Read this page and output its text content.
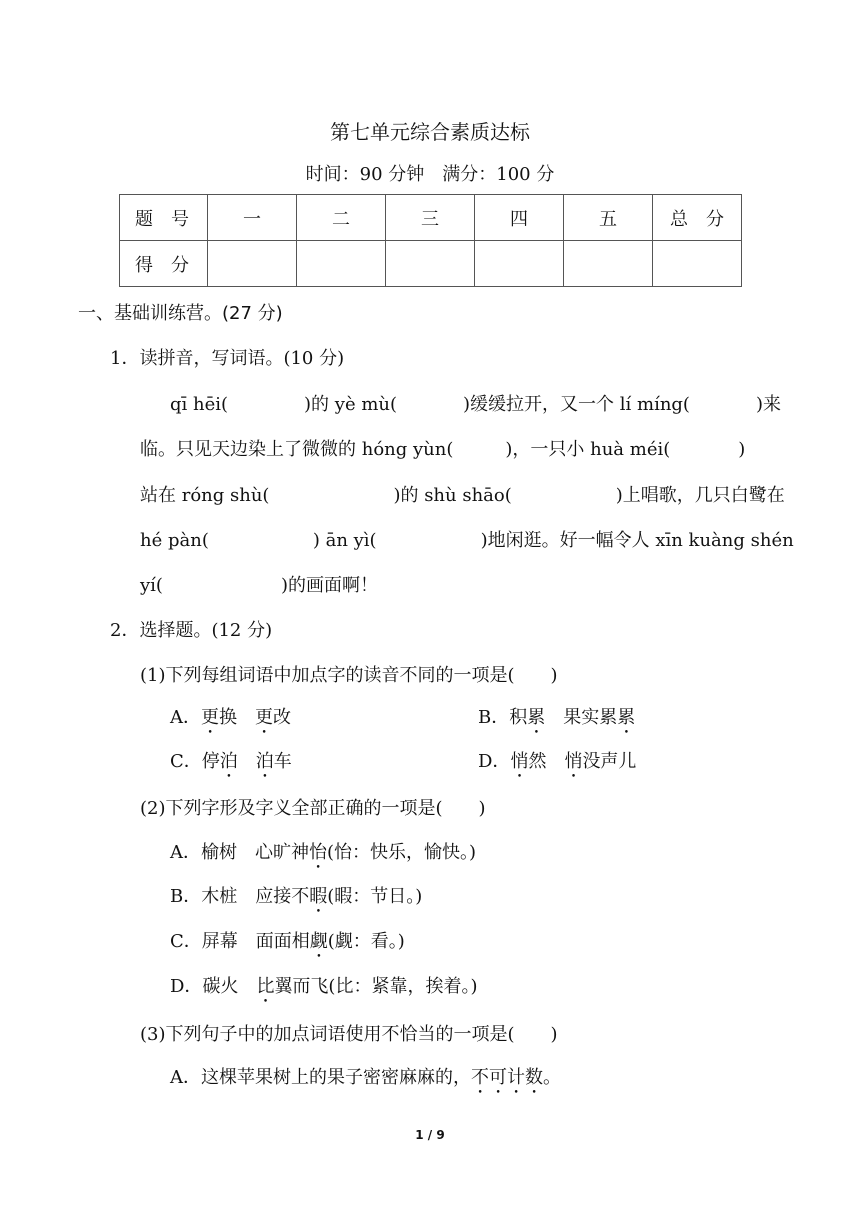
第七单元综合素质达标
时间：90 分钟　满分：100 分
题　号	一	二	三	四	五	总　分
得　分						
一、基础训练营。(27 分)
1．读拼音，写词语。(10 分)
qī hēi(	)的 yè mù(	)缓缓拉开，又一个 lí míng(	)来
临。只见天边染上了微微的 hóng yùn(	)，一只小 huà méi(	)
站在 róng shù(	)的 shù shāo(	)上唱歌，几只白鹭在
hé pàn(	) ān yì(	)地闲逛。好一幅令人 xīn kuàng shén
yí(	)的画面啊！
2．选择题。(12 分)
(1)下列每组词语中加点字的读音不同的一项是(　　)
A．更换　 更改	B．积累　 果实累累
C．停泊　 泊车	D．悄然　 悄没声儿
(2)下列字形及字义全部正确的一项是(　　)
A．榆树　心旷神怡(怡：快乐，愉快。)
B．木桩　应接不暇(暇：节日。)
C．屏幕　面面相觑(觑：看。)
D．碳火　比翼而飞(比：紧靠，挨着。)
(3)下列句子中的加点词语使用不恰当的一项是(　　)
A．这棵苹果树上的果子密密麻麻的，不可计数。
1 / 9
